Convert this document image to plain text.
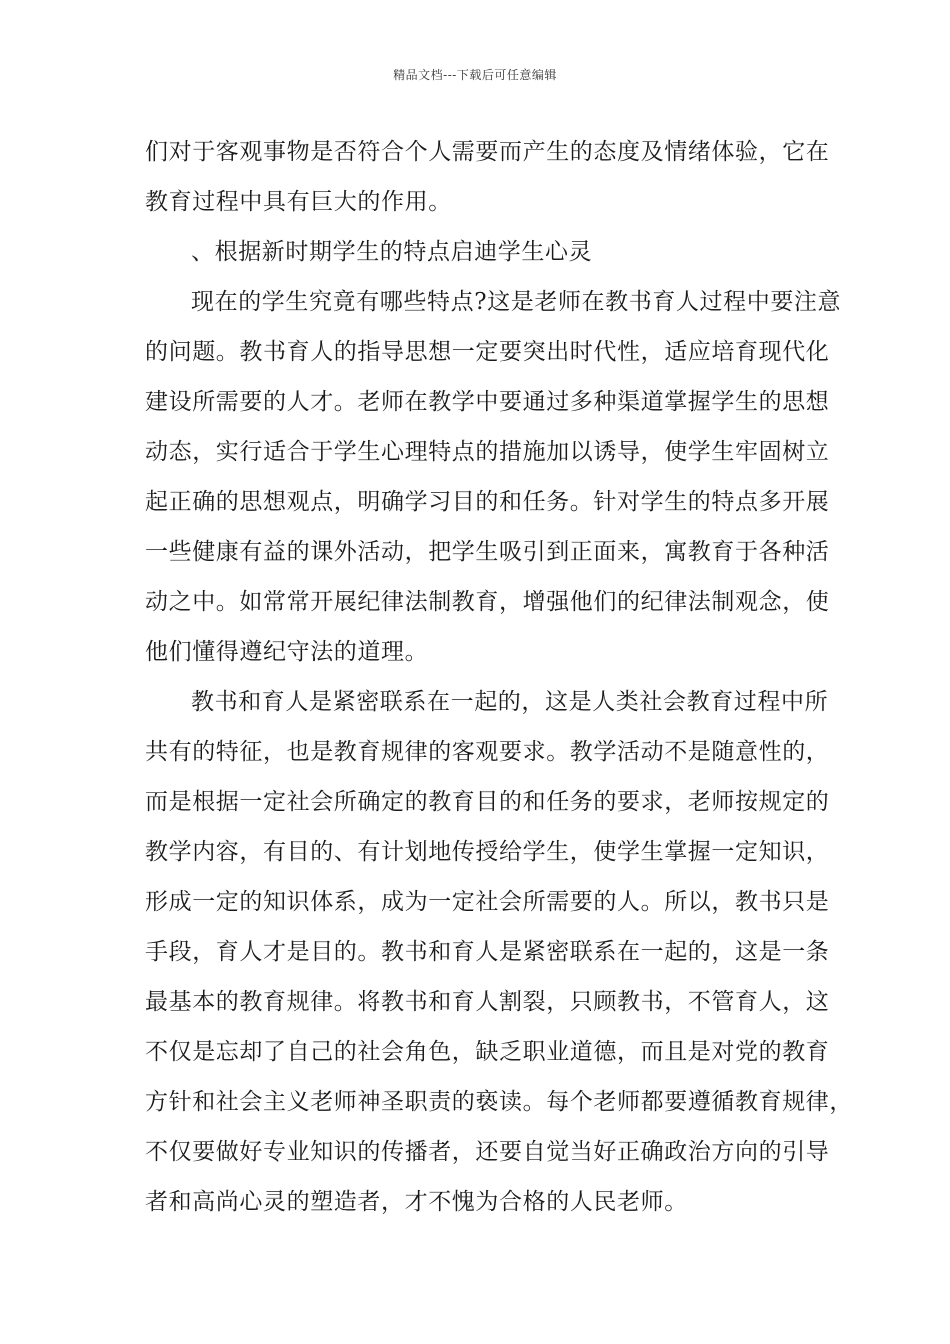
精品文档---下载后可任意编辑
们对于客观事物是否符合个人需要而产生的态度及情绪体验，它在
教育过程中具有巨大的作用。
、根据新时期学生的特点启迪学生心灵
现在的学生究竟有哪些特点?这是老师在教书育人过程中要注意
的问题。教书育人的指导思想一定要突出时代性，适应培育现代化
建设所需要的人才。老师在教学中要通过多种渠道掌握学生的思想
动态，实行适合于学生心理特点的措施加以诱导，使学生牢固树立
起正确的思想观点，明确学习目的和任务。针对学生的特点多开展
一些健康有益的课外活动，把学生吸引到正面来，寓教育于各种活
动之中。如常常开展纪律法制教育，增强他们的纪律法制观念，使
他们懂得遵纪守法的道理。
教书和育人是紧密联系在一起的，这是人类社会教育过程中所
共有的特征，也是教育规律的客观要求。教学活动不是随意性的，
而是根据一定社会所确定的教育目的和任务的要求，老师按规定的
教学内容，有目的、有计划地传授给学生，使学生掌握一定知识，
形成一定的知识体系，成为一定社会所需要的人。所以，教书只是
手段，育人才是目的。教书和育人是紧密联系在一起的，这是一条
最基本的教育规律。将教书和育人割裂，只顾教书，不管育人，这
不仅是忘却了自己的社会角色，缺乏职业道德，而且是对党的教育
方针和社会主义老师神圣职责的亵读。每个老师都要遵循教育规律，
不仅要做好专业知识的传播者，还要自觉当好正确政治方向的引导
者和高尚心灵的塑造者，才不愧为合格的人民老师。
